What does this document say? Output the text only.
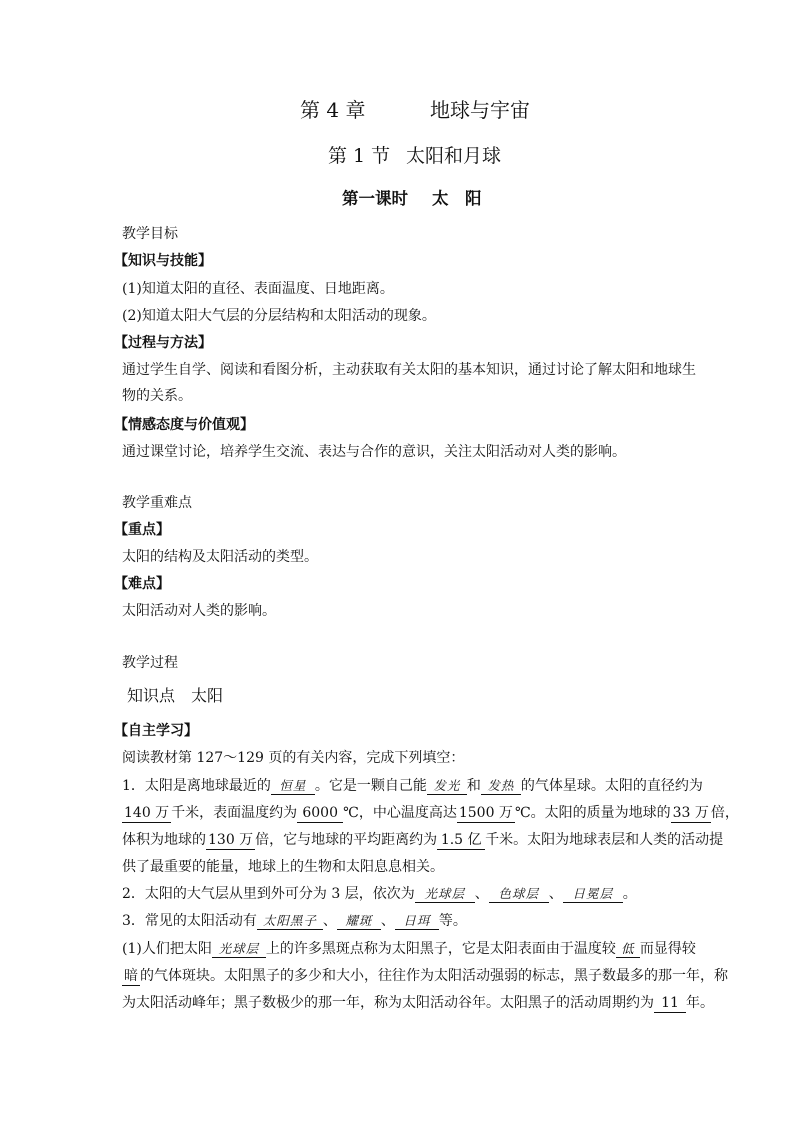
第 4 章	地球与宇宙
第 1 节 太阳和月球
第一课时 太　阳
教学目标
【知识与技能】
(1)知道太阳的直径、表面温度、日地距离。
(2)知道太阳大气层的分层结构和太阳活动的现象。
【过程与方法】
通过学生自学、阅读和看图分析，主动获取有关太阳的基本知识，通过讨论了解太阳和地球生
物的关系。
【情感态度与价值观】
通过课堂讨论，培养学生交流、表达与合作的意识，关注太阳活动对人类的影响。
教学重难点
【重点】
太阳的结构及太阳活动的类型。
【难点】
太阳活动对人类的影响。
教学过程
知识点　太阳
【自主学习】
阅读教材第 127～129 页的有关内容，完成下列填空：
1．太阳是离地球最近的 恒星 。它是一颗自己能 发光 和 发热 的气体星球。太阳的直径约为
140 万 千米，表面温度约为 6000 ℃，中心温度高达 1500 万 ℃。太阳的质量为地球的 33 万 倍，
体积为地球的 130 万 倍，它与地球的平均距离约为 1.5 亿 千米。太阳为地球表层和人类的活动提
供了最重要的能量，地球上的生物和太阳息息相关。
2．太阳的大气层从里到外可分为 3 层，依次为 光球层 、 色球层 、 日冕层 。
3．常见的太阳活动有 太阳黑子 、 耀斑 、 日珥 等。
(1)人们把太阳 光球层 上的许多黑斑点称为太阳黑子，它是太阳表面由于温度较 低 而显得较
暗 的气体斑块。太阳黑子的多少和大小，往往作为太阳活动强弱的标志，黑子数最多的那一年，称
为太阳活动峰年；黑子数极少的那一年，称为太阳活动谷年。太阳黑子的活动周期约为 11 年。
